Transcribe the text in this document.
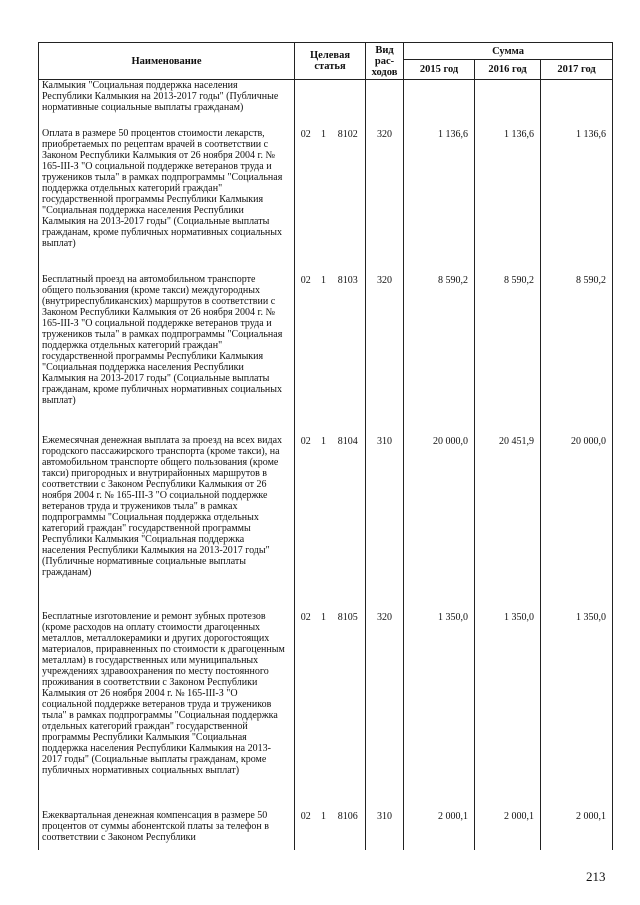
Наименование	Целевая статья			Вид рас-ходов	Сумма		
					2015 год	2016 год	2017 год
Калмыкия "Социальная поддержка населения Республики Калмыкия на 2013-2017 годы" (Публичные нормативные социальные выплаты гражданам)							
Оплата в размере 50 процентов стоимости лекарств, приобретаемых по рецептам врачей в соответствии с Законом Республики Калмыкия от 26 ноября 2004 г. № 165-III-З "О социальной поддержке ветеранов труда и тружеников тыла" в рамках подпрограммы "Социальная поддержка отдельных категорий граждан" государственной программы Республики Калмыкия "Социальная поддержка населения Республики Калмыкия на 2013-2017 годы" (Социальные выплаты гражданам, кроме публичных нормативных социальных выплат)	02	1	8102	320	1 136,6	1 136,6	1 136,6
Бесплатный проезд на автомобильном транспорте общего пользования (кроме такси) междугородных (внутриреспубликанских) маршрутов в соответствии с Законом Республики Калмыкия от 26 ноября 2004 г. № 165-III-З "О социальной поддержке ветеранов труда и тружеников тыла" в рамках подпрограммы "Социальная поддержка отдельных категорий граждан" государственной программы Республики Калмыкия "Социальная поддержка населения Республики Калмыкия на 2013-2017 годы" (Социальные выплаты гражданам, кроме публичных нормативных социальных выплат)	02	1	8103	320	8 590,2	8 590,2	8 590,2
Ежемесячная денежная выплата за проезд на всех видах городского пассажирского транспорта (кроме такси), на автомобильном транспорте общего пользования (кроме такси) пригородных и внутрирайонных маршрутов в соответствии с Законом Республики Калмыкия от 26 ноября 2004 г. № 165-III-З "О социальной поддержке ветеранов труда и тружеников тыла" в рамках подпрограммы "Социальная поддержка отдельных категорий граждан" государственной программы Республики Калмыкия "Социальная поддержка населения Республики Калмыкия на 2013-2017 годы" (Публичные нормативные социальные выплаты гражданам)	02	1	8104	310	20 000,0	20 451,9	20 000,0
Бесплатные изготовление и ремонт зубных протезов (кроме расходов на оплату стоимости драгоценных металлов, металлокерамики и других дорогостоящих материалов, приравненных по стоимости к драгоценным металлам) в государственных или муниципальных учреждениях здравоохранения по месту постоянного проживания в соответствии с Законом Республики Калмыкия от 26 ноября 2004 г. № 165-III-З "О социальной поддержке ветеранов труда и тружеников тыла" в рамках подпрограммы "Социальная поддержка отдельных категорий граждан" государственной программы Республики Калмыкия "Социальная поддержка населения Республики Калмыкия на 2013-2017 годы" (Социальные выплаты гражданам, кроме публичных нормативных социальных выплат)	02	1	8105	320	1 350,0	1 350,0	1 350,0
Ежеквартальная денежная компенсация в размере 50 процентов от суммы абонентской платы за телефон в соответствии с Законом Республики	02	1	8106	310	2 000,1	2 000,1	2 000,1
213
